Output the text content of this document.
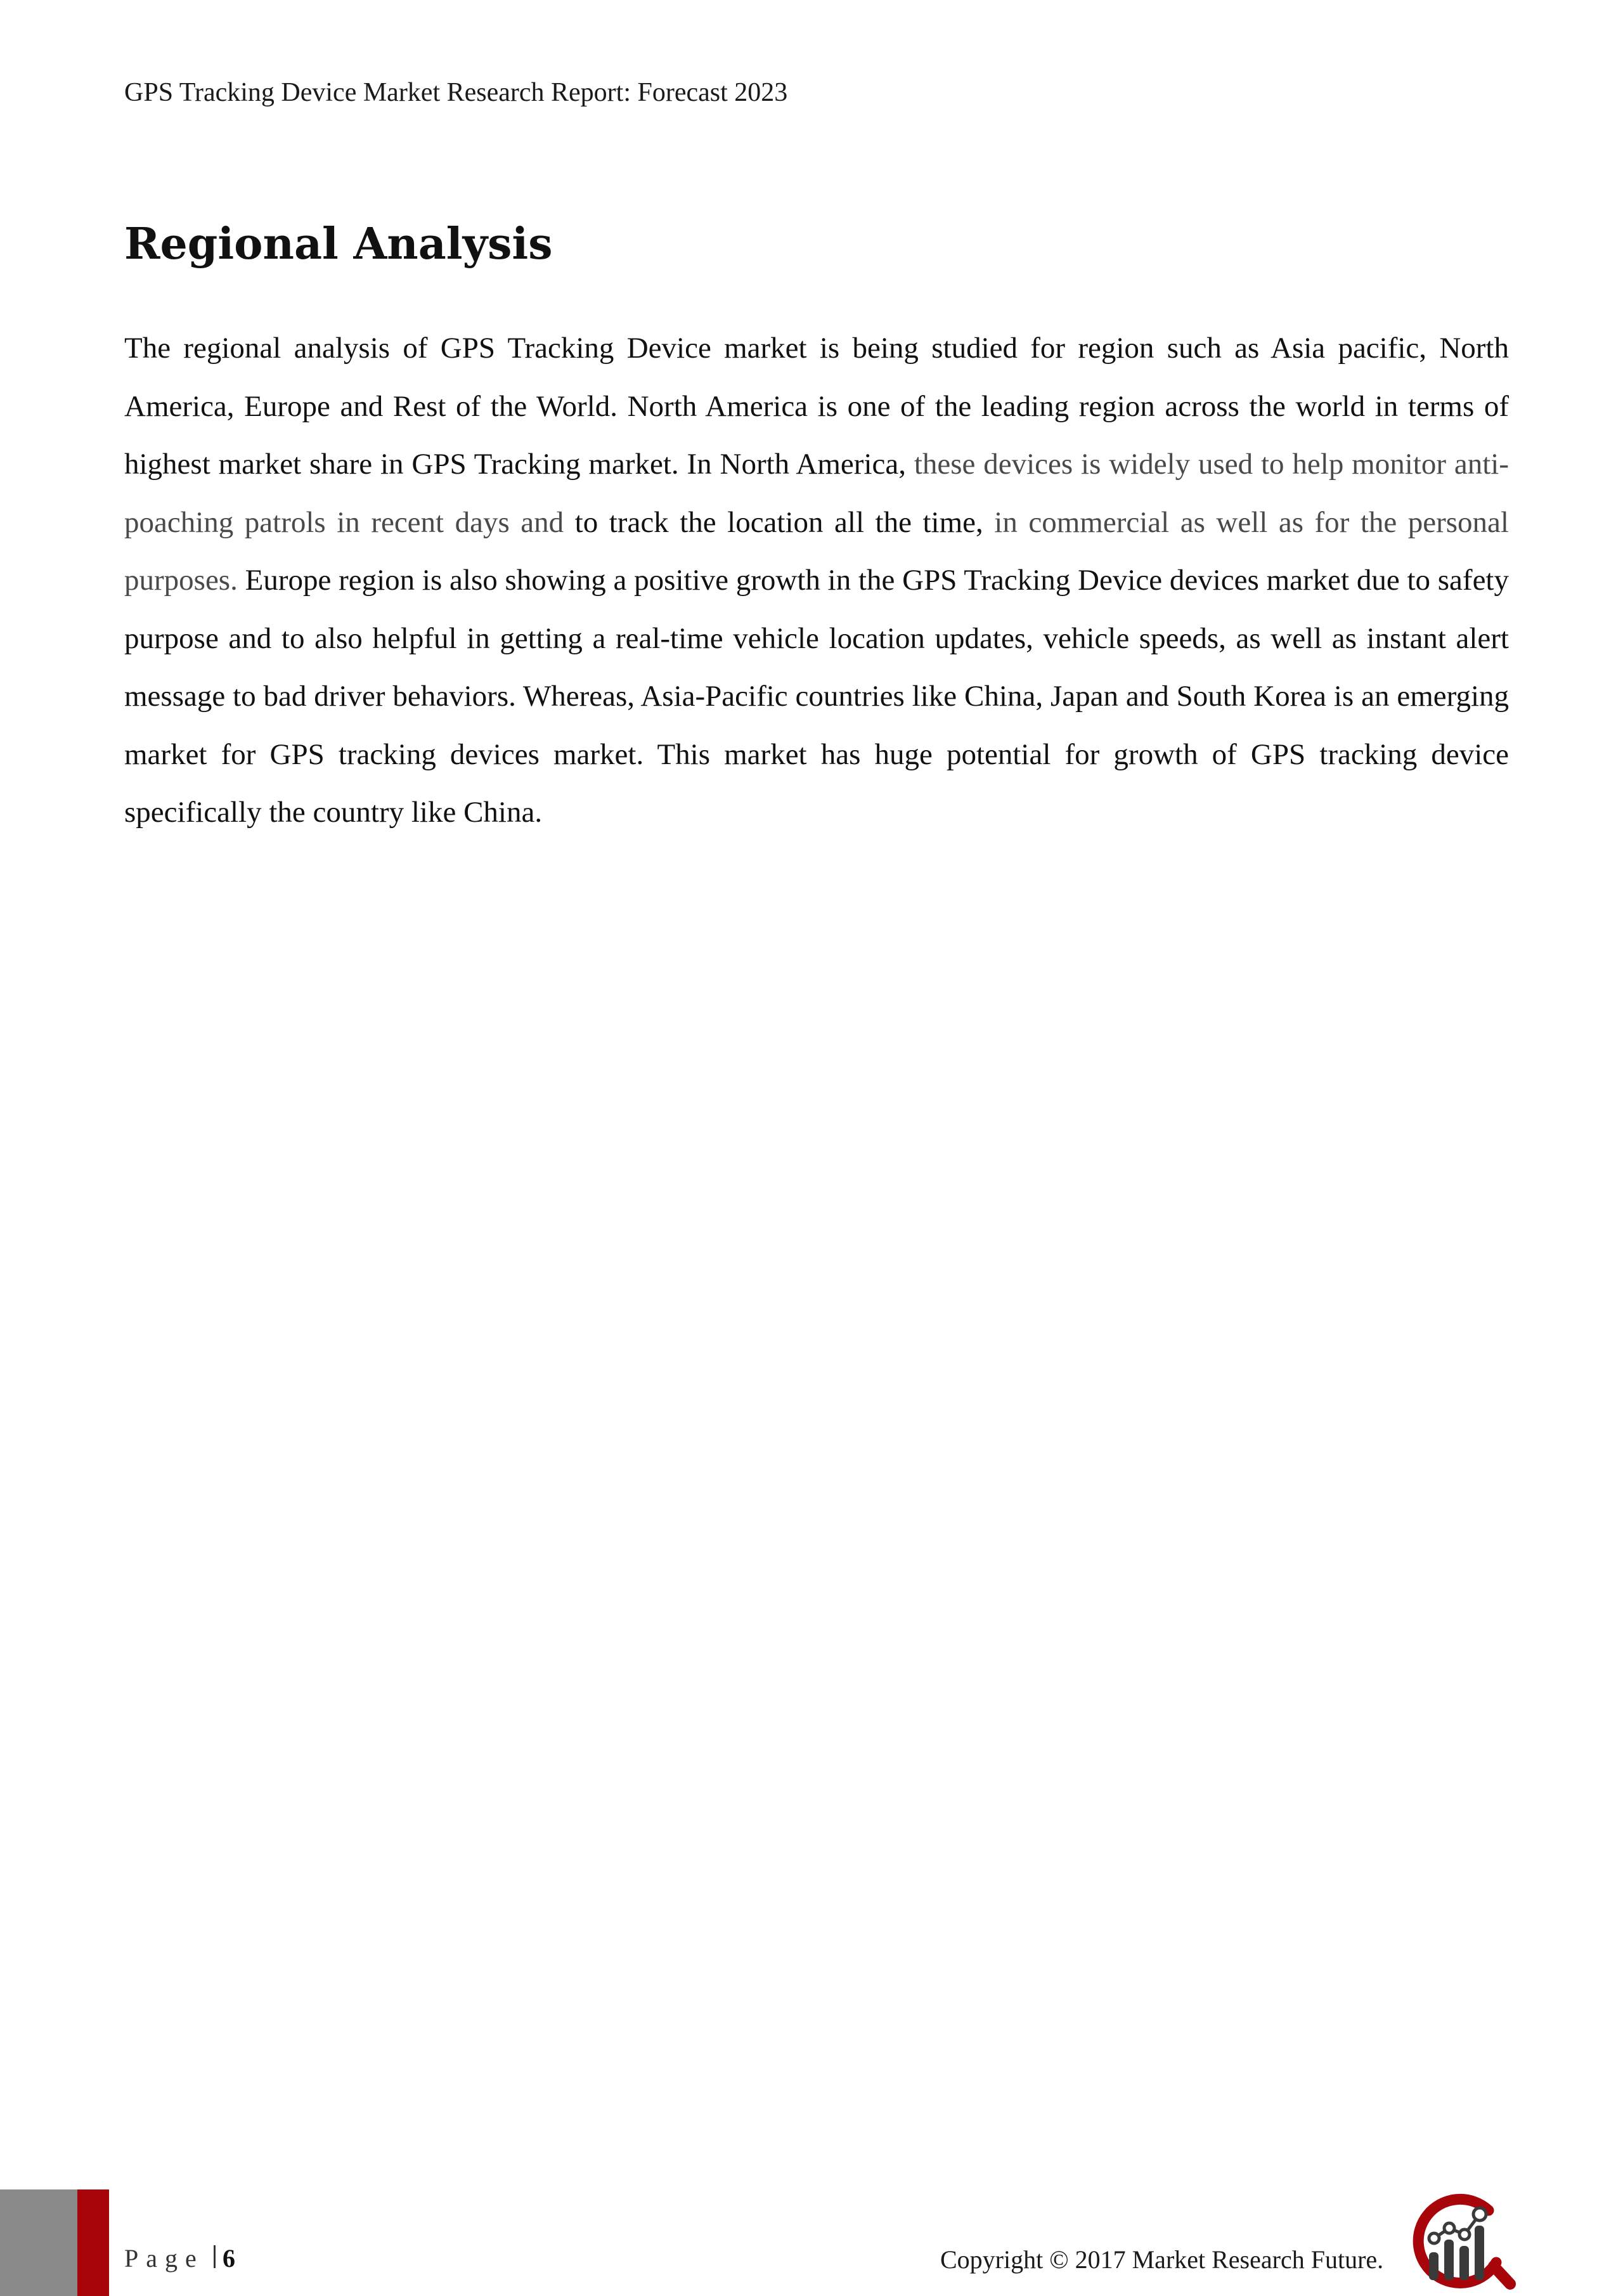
GPS Tracking Device Market Research Report: Forecast 2023
Regional Analysis

The regional analysis of GPS Tracking Device market is being studied for region such as Asia pacific, North America, Europe and Rest of the World. North America is one of the leading region across the world in terms of highest market share in GPS Tracking market. In North America, these devices is widely used to help monitor anti-poaching patrols in recent days and to track the location all the time, in commercial as well as for the personal purposes. Europe region is also showing a positive growth in the GPS Tracking Device devices market due to safety purpose and to also helpful in getting a real-time vehicle location updates, vehicle speeds, as well as instant alert message to bad driver behaviors. Whereas, Asia-Pacific countries like China, Japan and South Korea is an emerging market for GPS tracking devices market. This market has huge potential for growth of GPS tracking device specifically the country like China.

Page 6	Copyright © 2017 Market Research Future.
